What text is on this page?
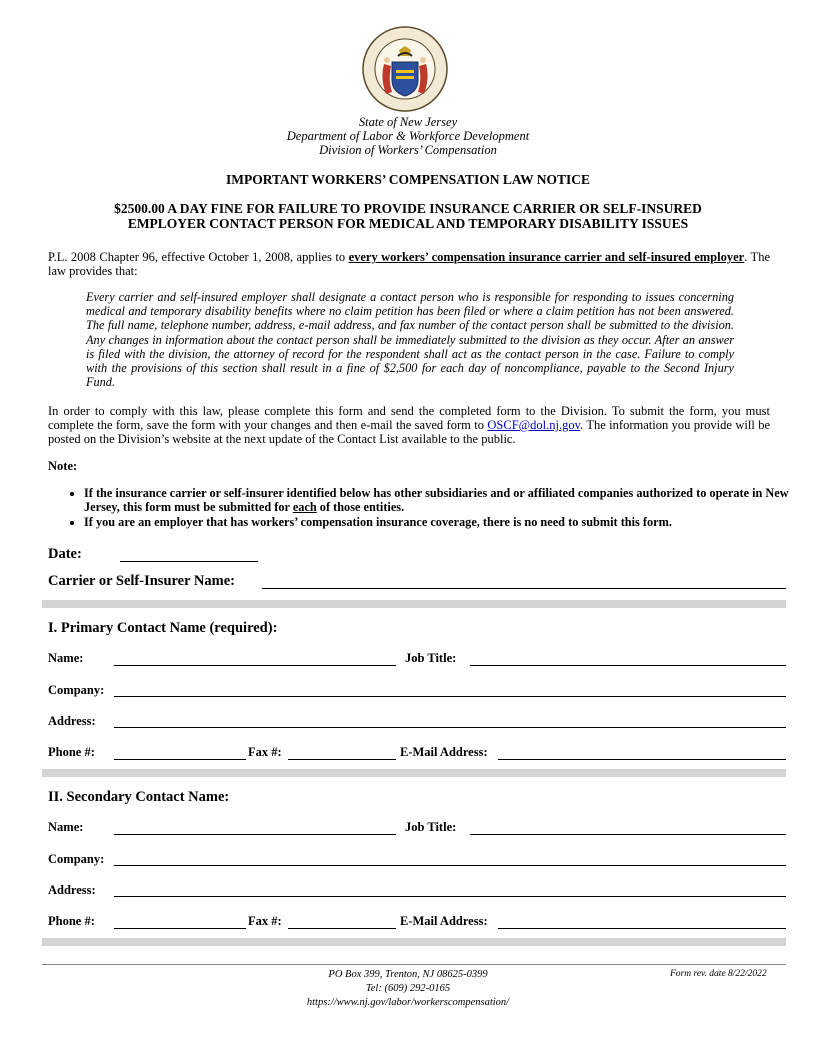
State of New Jersey
Department of Labor & Workforce Development
Division of Workers’ Compensation
IMPORTANT WORKERS’ COMPENSATION LAW NOTICE
$2500.00 A DAY FINE FOR FAILURE TO PROVIDE INSURANCE CARRIER OR SELF-INSURED
EMPLOYER CONTACT PERSON FOR MEDICAL AND TEMPORARY DISABILITY ISSUES
P.L. 2008 Chapter 96, effective October 1, 2008, applies to every workers’ compensation insurance carrier and self-insured employer. The law provides that:
Every carrier and self-insured employer shall designate a contact person who is responsible for responding to issues concerning medical and temporary disability benefits where no claim petition has been filed or where a claim petition has not been answered. The full name, telephone number, address, e-mail address, and fax number of the contact person shall be submitted to the division. Any changes in information about the contact person shall be immediately submitted to the division as they occur. After an answer is filed with the division, the attorney of record for the respondent shall act as the contact person in the case. Failure to comply with the provisions of this section shall result in a fine of $2,500 for each day of noncompliance, payable to the Second Injury Fund.
In order to comply with this law, please complete this form and send the completed form to the Division. To submit the form, you must complete the form, save the form with your changes and then e-mail the saved form to OSCF@dol.nj.gov. The information you provide will be posted on the Division’s website at the next update of the Contact List available to the public.
Note:
• If the insurance carrier or self-insurer identified below has other subsidiaries and or affiliated companies authorized to operate in New Jersey, this form must be submitted for each of those entities.
• If you are an employer that has workers’ compensation insurance coverage, there is no need to submit this form.
Date:
Carrier or Self-Insurer Name:
I. Primary Contact Name (required):
Name:	Job Title:
Company:
Address:
Phone #:	Fax #:	E-Mail Address:
II. Secondary Contact Name:
Name:	Job Title:
Company:
Address:
Phone #:	Fax #:	E-Mail Address:
PO Box 399, Trenton, NJ 08625-0399
Tel: (609) 292-0165
https://www.nj.gov/labor/workerscompensation/
Form rev. date 8/22/2022
